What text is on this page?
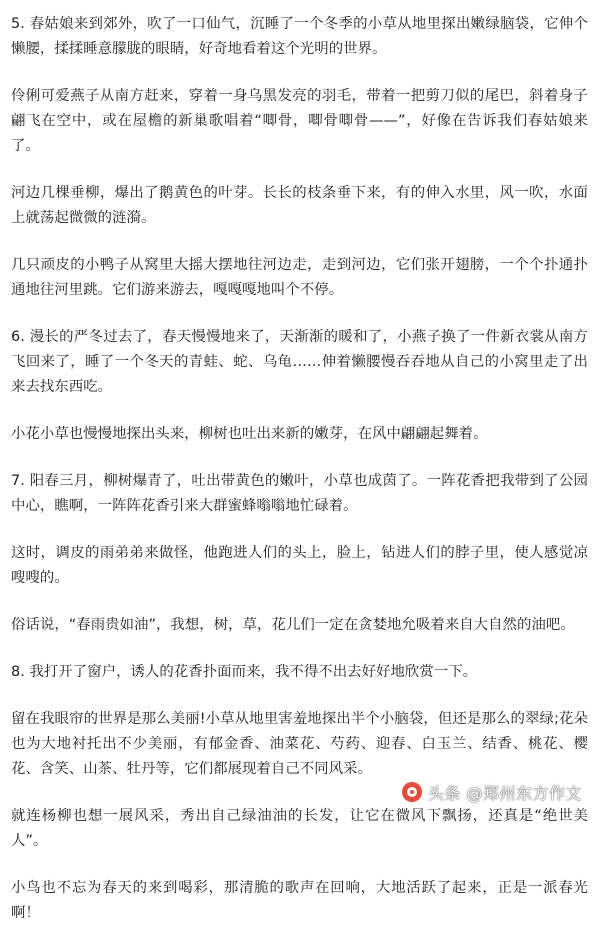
5. 春姑娘来到郊外，吹了一口仙气，沉睡了一个冬季的小草从地里探出嫩绿脑袋，它伸个懒腰，揉揉睡意朦胧的眼睛，好奇地看着这个光明的世界。

伶俐可爱燕子从南方赶来，穿着一身乌黑发亮的羽毛，带着一把剪刀似的尾巴，斜着身子翩飞在空中，或在屋檐的新巢歌唱着“唧骨，唧骨唧骨——”，好像在告诉我们春姑娘来了。

河边几棵垂柳，爆出了鹅黄色的叶芽。长长的枝条垂下来，有的伸入水里，风一吹，水面上就荡起微微的涟漪。

几只顽皮的小鸭子从窝里大摇大摆地往河边走，走到河边，它们张开翅膀，一个个扑通扑通地往河里跳。它们游来游去，嘎嘎嘎地叫个不停。

6. 漫长的严冬过去了，春天慢慢地来了，天渐渐的暖和了，小燕子换了一件新衣裳从南方飞回来了，睡了一个冬天的青蛙、蛇、乌龟……伸着懒腰慢吞吞地从自己的小窝里走了出来去找东西吃。

小花小草也慢慢地探出头来，柳树也吐出来新的嫩芽，在风中翩翩起舞着。

7. 阳春三月，柳树爆青了，吐出带黄色的嫩叶，小草也成茵了。一阵花香把我带到了公园中心，瞧啊，一阵阵花香引来大群蜜蜂嗡嗡地忙碌着。

这时，调皮的雨弟弟来做怪，他跑进人们的头上，脸上，钻进人们的脖子里，使人感觉凉嗖嗖的。

俗话说，“春雨贵如油”，我想，树，草，花儿们一定在贪婪地允吸着来自大自然的油吧。

8. 我打开了窗户，诱人的花香扑面而来，我不得不出去好好地欣赏一下。

留在我眼帘的世界是那么美丽!小草从地里害羞地探出半个小脑袋，但还是那么的翠绿;花朵也为大地衬托出不少美丽，有郁金香、油菜花、芍药、迎春、白玉兰、结香、桃花、樱花、含笑、山茶、牡丹等，它们都展现着自己不同风采。

就连杨柳也想一展风采，秀出自己绿油油的长发，让它在微风下飘扬，还真是“绝世美人”。

小鸟也不忘为春天的来到喝彩，那清脆的歌声在回响，大地活跃了起来，正是一派春光啊！

头条 @郑州东方作文
